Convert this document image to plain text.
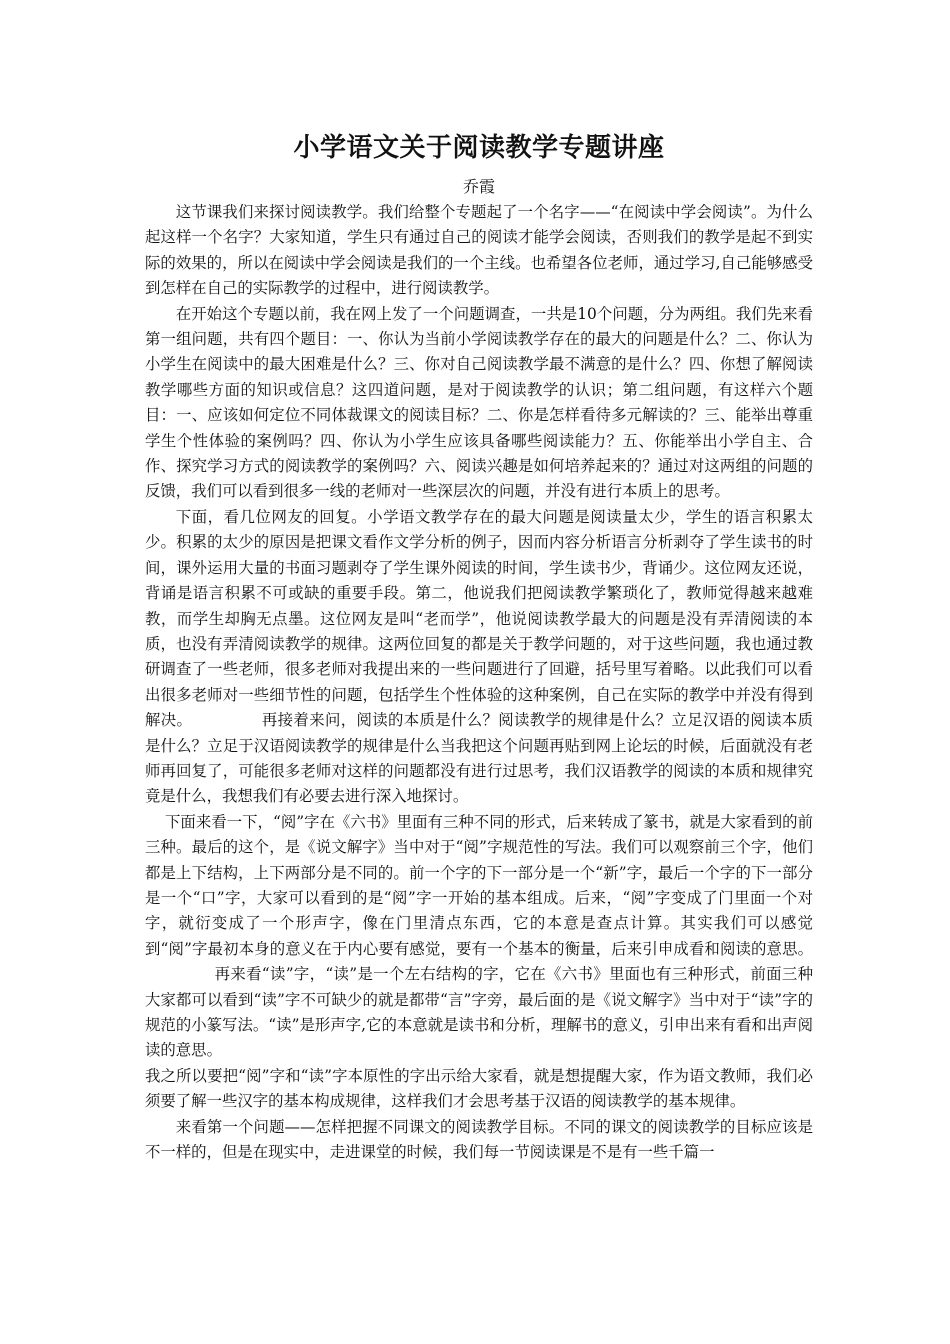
小学语文关于阅读教学专题讲座

乔霞

这节课我们来探讨阅读教学。我们给整个专题起了一个名字——“在阅读中学会阅读”。为什么起这样一个名字？大家知道，学生只有通过自己的阅读才能学会阅读，否则我们的教学是起不到实际的效果的，所以在阅读中学会阅读是我们的一个主线。也希望各位老师，通过学习,自己能够感受到怎样在自己的实际教学的过程中，进行阅读教学。

在开始这个专题以前，我在网上发了一个问题调查，一共是10个问题，分为两组。我们先来看第一组问题，共有四个题目：一、你认为当前小学阅读教学存在的最大的问题是什么？二、你认为小学生在阅读中的最大困难是什么？三、你对自己阅读教学最不满意的是什么？四、你想了解阅读教学哪些方面的知识或信息？这四道问题，是对于阅读教学的认识；第二组问题，有这样六个题目：一、应该如何定位不同体裁课文的阅读目标？二、你是怎样看待多元解读的？三、能举出尊重学生个性体验的案例吗？四、你认为小学生应该具备哪些阅读能力？五、你能举出小学自主、合作、探究学习方式的阅读教学的案例吗？六、阅读兴趣是如何培养起来的？通过对这两组的问题的反馈，我们可以看到很多一线的老师对一些深层次的问题，并没有进行本质上的思考。

下面，看几位网友的回复。小学语文教学存在的最大问题是阅读量太少，学生的语言积累太少。积累的太少的原因是把课文看作文学分析的例子，因而内容分析语言分析剥夺了学生读书的时间，课外运用大量的书面习题剥夺了学生课外阅读的时间，学生读书少，背诵少。这位网友还说，背诵是语言积累不可或缺的重要手段。第二，他说我们把阅读教学繁琐化了，教师觉得越来越难教，而学生却胸无点墨。这位网友是叫“老而学”，他说阅读教学最大的问题是没有弄清阅读的本质，也没有弄清阅读教学的规律。这两位回复的都是关于教学问题的，对于这些问题，我也通过教研调查了一些老师，很多老师对我提出来的一些问题进行了回避，括号里写着略。以此我们可以看出很多老师对一些细节性的问题，包括学生个性体验的这种案例，自己在实际的教学中并没有得到解决。	再接着来问，阅读的本质是什么？阅读教学的规律是什么？立足汉语的阅读本质是什么？立足于汉语阅读教学的规律是什么当我把这个问题再贴到网上论坛的时候，后面就没有老师再回复了，可能很多老师对这样的问题都没有进行过思考，我们汉语教学的阅读的本质和规律究竟是什么，我想我们有必要去进行深入地探讨。

下面来看一下，“阅”字在《六书》里面有三种不同的形式，后来转成了篆书，就是大家看到的前三种。最后的这个，是《说文解字》当中对于“阅”字规范性的写法。我们可以观察前三个字，他们都是上下结构，上下两部分是不同的。前一个字的下一部分是一个“新”字，最后一个字的下一部分是一个“口”字，大家可以看到的是“阅”字一开始的基本组成。后来，“阅”字变成了门里面一个对字，就衍变成了一个形声字，像在门里清点东西，它的本意是查点计算。其实我们可以感觉到“阅”字最初本身的意义在于内心要有感觉，要有一个基本的衡量，后来引申成看和阅读的意思。再来看“读”字，“读”是一个左右结构的字，它在《六书》里面也有三种形式，前面三种大家都可以看到“读”字不可缺少的就是都带“言”字旁，最后面的是《说文解字》当中对于“读”字的规范的小篆写法。“读”是形声字,它的本意就是读书和分析，理解书的意义，引申出来有看和出声阅读的意思。

我之所以要把“阅”字和“读”字本原性的字出示给大家看，就是想提醒大家，作为语文教师，我们必须要了解一些汉字的基本构成规律，这样我们才会思考基于汉语的阅读教学的基本规律。

来看第一个问题——怎样把握不同课文的阅读教学目标。不同的课文的阅读教学的目标应该是不一样的，但是在现实中，走进课堂的时候，我们每一节阅读课是不是有一些千篇一
